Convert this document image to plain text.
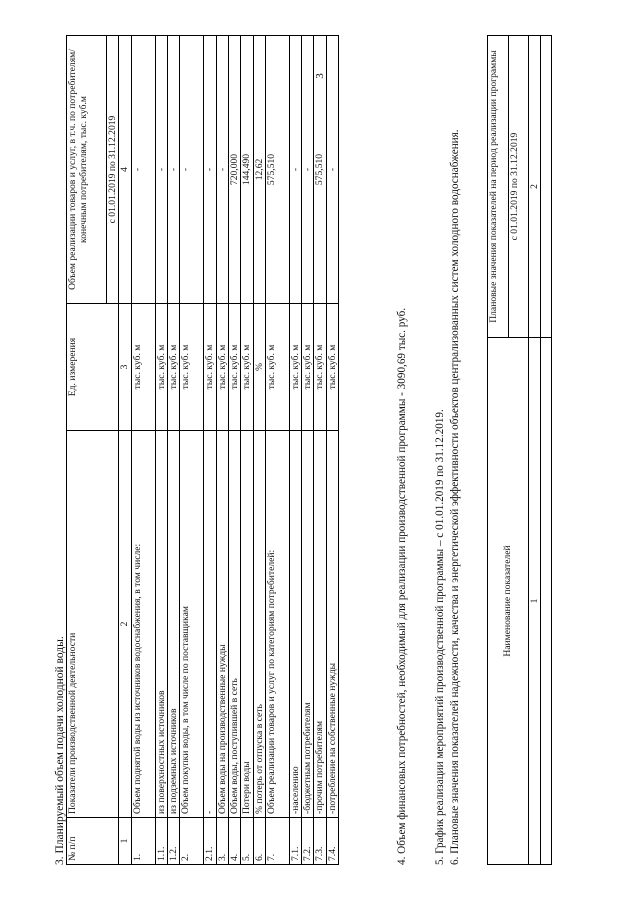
3
3. Планируемый объем подачи холодной воды. № п/п	Показатели производственной деятельности	Ед. измерения	Объем реализации товаров и услуг, в т.ч. по потребителям/ конечным потребителям, тыс. куб.м
			с 01.01.2019 по 31.12.2019
1	2	3	4
1.	Объем поднятой воды из источников водоснабжения, в том числе:	тыс. куб. м	-
1.1.	из поверхностных источников	тыс. куб. м	-
1.2.	из подземных источников	тыс. куб. м	-
2.	Объем покупки воды, в том числе по поставщикам	тыс. куб. м	-
2.1.	-	тыс. куб. м	-
3.	Объем воды на производственные нужды	тыс. куб. м	-
4.	Объем воды, поступившей в сеть	тыс. куб. м	720,000
5.	Потери воды	тыс. куб. м	144,490
6.	% потерь от отпуска в сеть	%	12,62
7.	Объем реализации товаров и услуг по категориям потребителей:	тыс. куб. м	575,510
7.1.	-населению	тыс. куб. м	-
7.2.	-бюджетным потребителям	тыс. куб. м	-
7.3.	-прочим потребителям	тыс. куб. м	575,510
7.4.	-потребление на собственные нужды	тыс. куб. м	-
4. Объем финансовых потребностей, необходимый для реализации производственной программы - 3090,69 тыс. руб. 5. График реализации мероприятий производственной программы – с 01.01.2019 по 31.12.2019. 6. Плановые значения показателей надежности, качества и энергетической эффективности объектов централизованных систем холодного водоснабжения.	Наименование показателей	Плановые значения показателей на период реализации программы
	с 01.01.2019 по 31.12.2019
1	2
